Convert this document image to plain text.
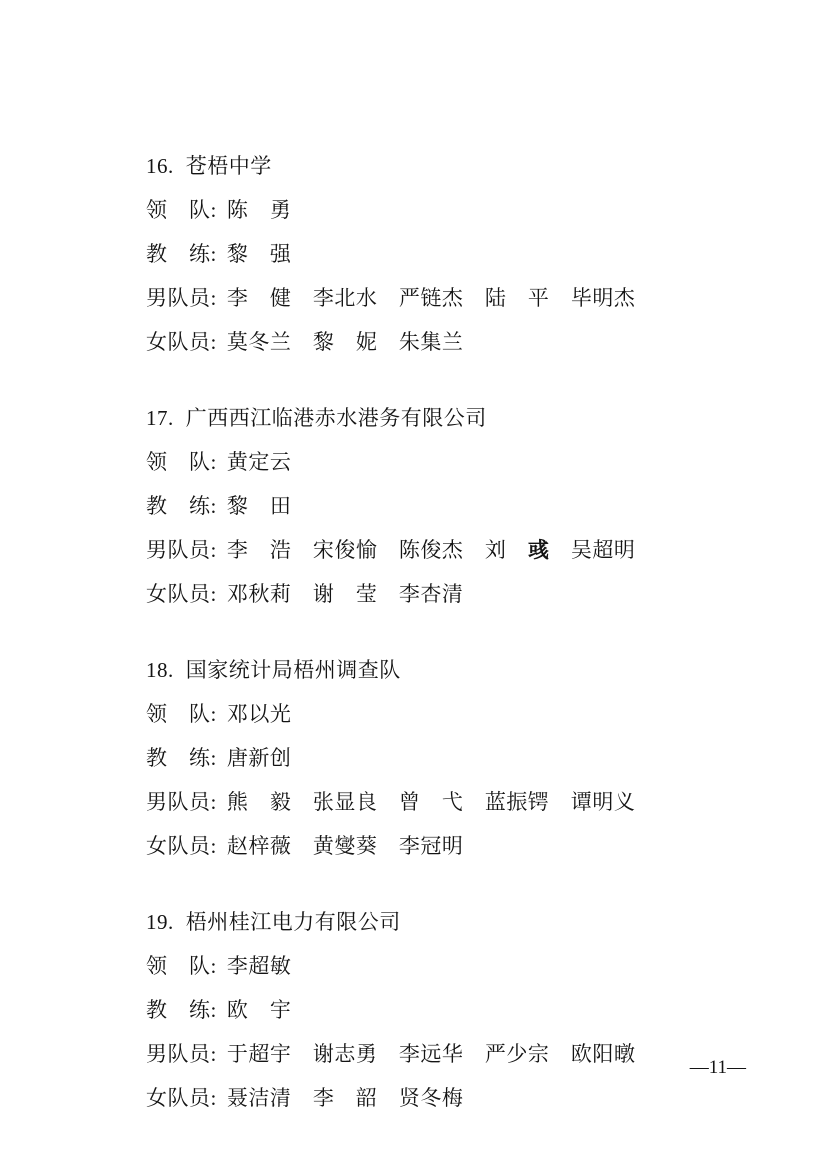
16. 苍梧中学

领　队: 陈　勇

教　练: 黎　强

男队员: 李　健　李北水　严链杰　陆　平　毕明杰

女队员: 莫冬兰　黎　妮　朱集兰

17. 广西西江临港赤水港务有限公司

领　队: 黄定云

教　练: 黎　田

男队员: 李　浩　宋俊愉　陈俊杰　刘　彧　吴超明

女队员: 邓秋莉　谢　莹　李杏清

18. 国家统计局梧州调查队

领　队: 邓以光

教　练: 唐新创

男队员: 熊　毅　张显良　曾　弋　蓝振锷　谭明义

女队员: 赵梓薇　黄燮葵　李冠明

19. 梧州桂江电力有限公司

领　队: 李超敏

教　练: 欧　宇

男队员: 于超宇　谢志勇　李远华　严少宗　欧阳暾

女队员: 聂洁清　李　韶　贤冬梅

—11—
